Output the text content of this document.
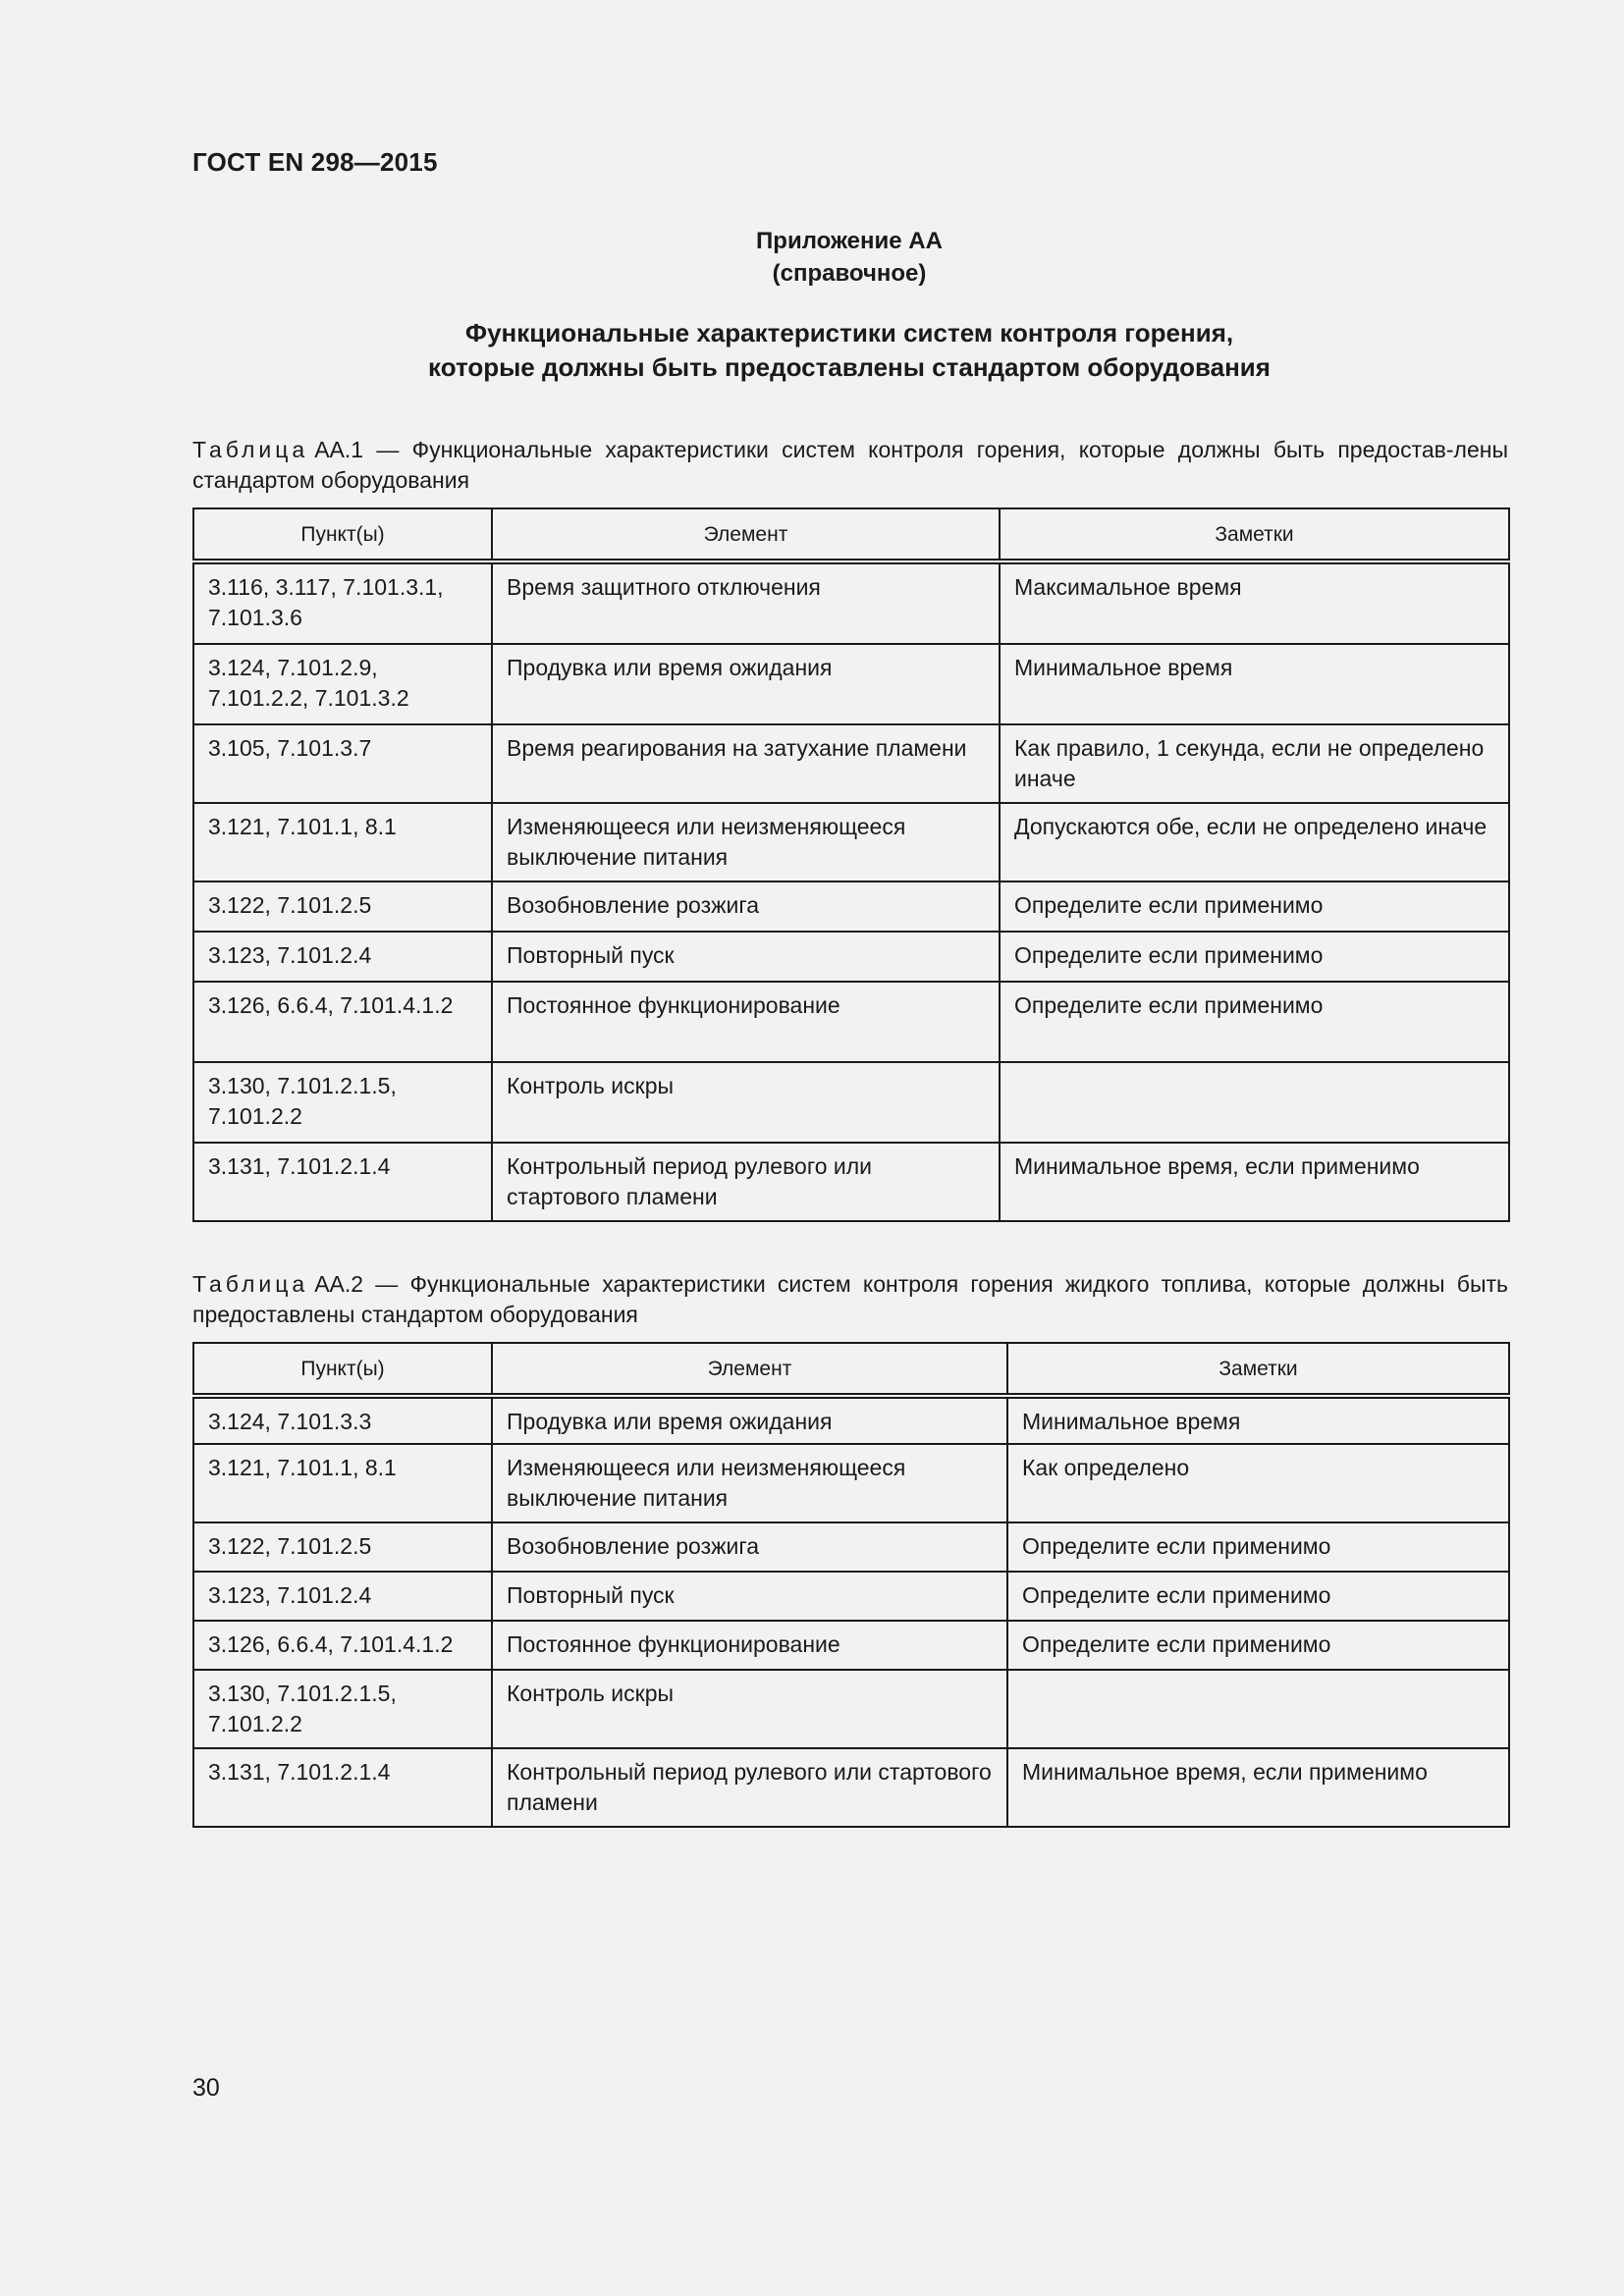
ГОСТ EN 298—2015
Приложение АА
(справочное)
Функциональные характеристики систем контроля горения,
которые должны быть предоставлены стандартом оборудования
Таблица АА.1 — Функциональные характеристики систем контроля горения, которые должны быть предостав-лены стандартом оборудования
Пункт(ы)	Элемент	Заметки
3.116, 3.117, 7.101.3.1, 7.101.3.6	Время защитного отключения	Максимальное время
3.124, 7.101.2.9, 7.101.2.2, 7.101.3.2	Продувка или время ожидания	Минимальное время
3.105, 7.101.3.7	Время реагирования на затухание пламени	Как правило, 1 секунда, если не определено иначе
3.121, 7.101.1, 8.1	Изменяющееся или неизменяющееся выключение питания	Допускаются обе, если не определено иначе
3.122, 7.101.2.5	Возобновление розжига	Определите если применимо
3.123, 7.101.2.4	Повторный пуск	Определите если применимо
3.126, 6.6.4, 7.101.4.1.2	Постоянное функционирование	Определите если применимо
3.130, 7.101.2.1.5, 7.101.2.2	Контроль искры	
3.131, 7.101.2.1.4	Контрольный период рулевого или стартового пламени	Минимальное время, если применимо
Таблица АА.2 — Функциональные характеристики систем контроля горения жидкого топлива, которые должны быть предоставлены стандартом оборудования
Пункт(ы)	Элемент	Заметки
3.124, 7.101.3.3	Продувка или время ожидания	Минимальное время
3.121, 7.101.1, 8.1	Изменяющееся или неизменяющееся выключение питания	Как определено
3.122, 7.101.2.5	Возобновление розжига	Определите если применимо
3.123, 7.101.2.4	Повторный пуск	Определите если применимо
3.126, 6.6.4, 7.101.4.1.2	Постоянное функционирование	Определите если применимо
3.130, 7.101.2.1.5, 7.101.2.2	Контроль искры	
3.131, 7.101.2.1.4	Контрольный период рулевого или стартового пламени	Минимальное время, если применимо
30
